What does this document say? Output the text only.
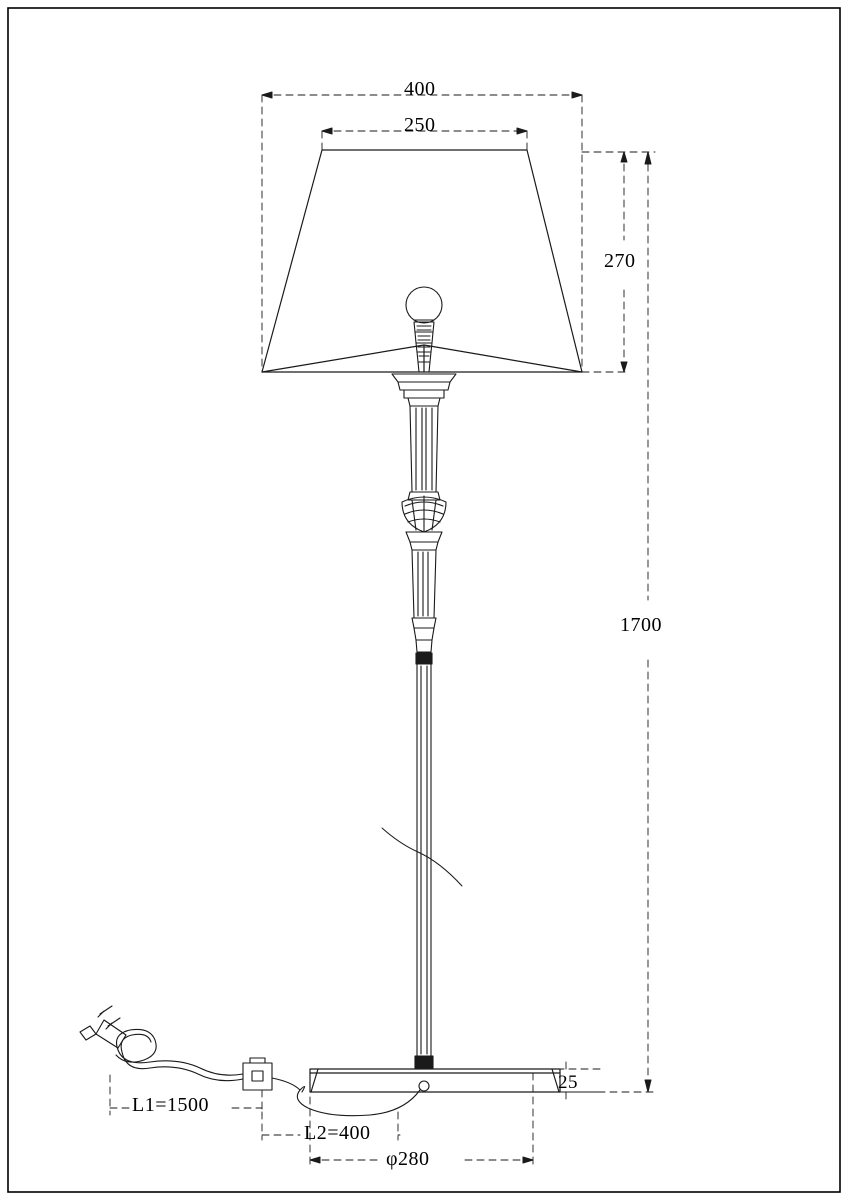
400
250
270
1700
25
φ280
L1=1500
L2=400
